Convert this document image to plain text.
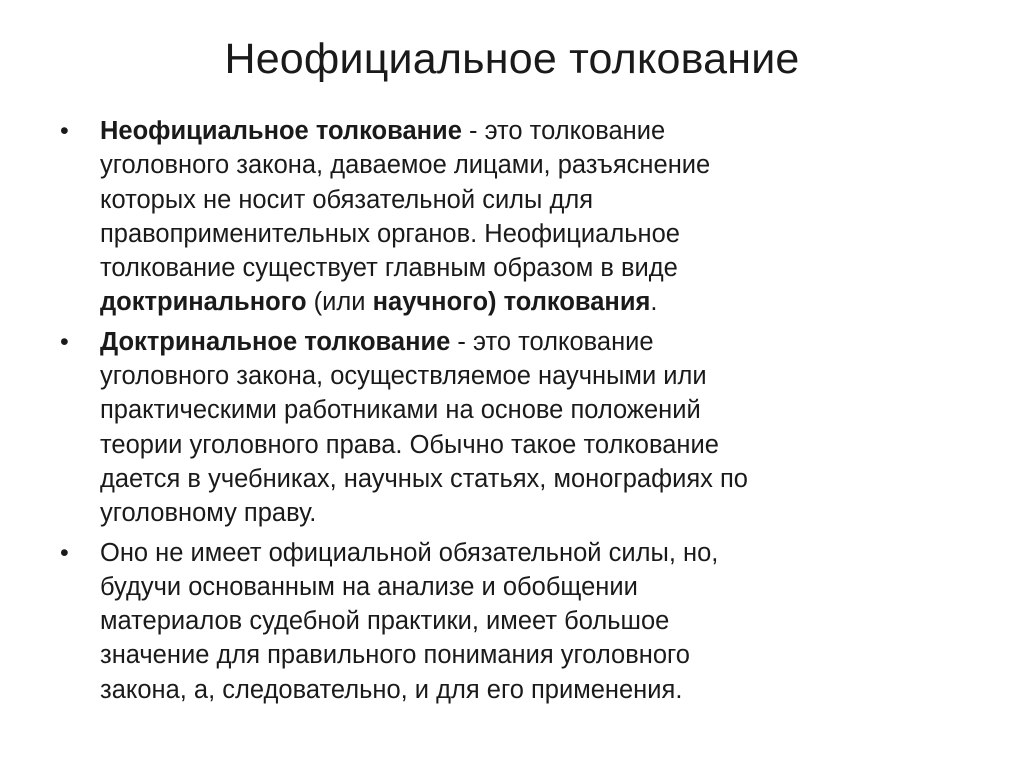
Неофициальное толкование
•	Неофициальное толкование - это толкование
уголовного закона, даваемое лицами, разъяснение
которых не носит обязательной силы для
правоприменительных органов. Неофициальное
толкование существует главным образом в виде
доктринального (или научного) толкования.
•	Доктринальное толкование - это толкование
уголовного закона, осуществляемое научными или
практическими работниками на основе положений
теории уголовного права. Обычно такое толкование
дается в учебниках, научных статьях, монографиях по
уголовному праву.
•	Оно не имеет официальной обязательной силы, но,
будучи основанным на анализе и обобщении
материалов судебной практики, имеет большое
значение для правильного понимания уголовного
закона, а, следовательно, и для его применения.
